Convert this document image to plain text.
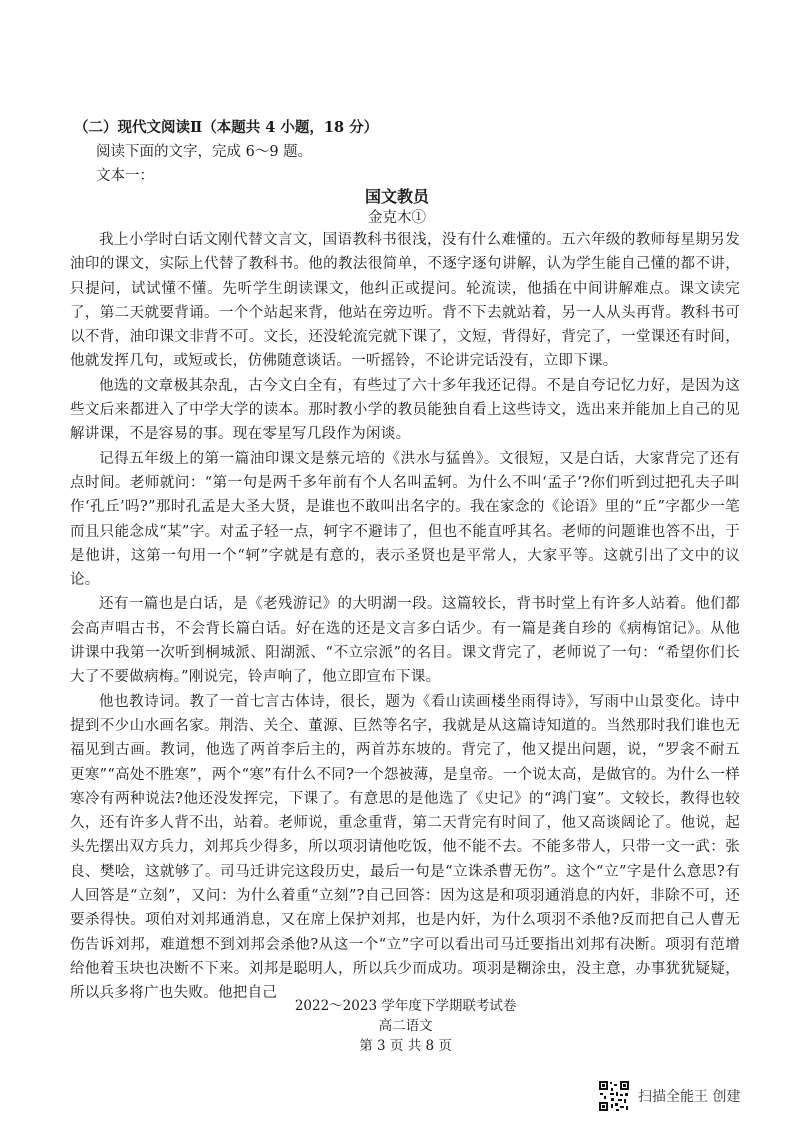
（二）现代文阅读Ⅱ（本题共 4 小题，18 分）
阅读下面的文字，完成 6～9 题。
文本一：
国文教员
金克木①

我上小学时白话文刚代替文言文，国语教科书很浅，没有什么难懂的。五六年级的教师每星期另发油印的课文，实际上代替了教科书。他的教法很简单，不逐字逐句讲解，认为学生能自己懂的都不讲，只提问，试试懂不懂。先听学生朗读课文，他纠正或提问。轮流读，他插在中间讲解难点。课文读完了，第二天就要背诵。一个个站起来背，他站在旁边听。背不下去就站着，另一人从头再背。教科书可以不背，油印课文非背不可。文长，还没轮流完就下课了，文短，背得好，背完了，一堂课还有时间，他就发挥几句，或短或长，仿佛随意谈话。一听摇铃，不论讲完话没有，立即下课。

他选的文章极其杂乱，古今文白全有，有些过了六十多年我还记得。不是自夸记忆力好，是因为这些文后来都进入了中学大学的读本。那时教小学的教员能独自看上这些诗文，选出来并能加上自己的见解讲课，不是容易的事。现在零星写几段作为闲谈。

记得五年级上的第一篇油印课文是蔡元培的《洪水与猛兽》。文很短，又是白话，大家背完了还有点时间。老师就问：“第一句是两千多年前有个人名叫孟轲。为什么不叫‘孟子’?你们听到过把孔夫子叫作‘孔丘’吗?”那时孔孟是大圣大贤，是谁也不敢叫出名字的。我在家念的《论语》里的“丘”字都少一笔而且只能念成“某”字。对孟子轻一点，轲字不避讳了，但也不能直呼其名。老师的问题谁也答不出，于是他讲，这第一句用一个“轲”字就是有意的，表示圣贤也是平常人，大家平等。这就引出了文中的议论。

还有一篇也是白话，是《老残游记》的大明湖一段。这篇较长，背书时堂上有许多人站着。他们都会高声唱古书，不会背长篇白话。好在选的还是文言多白话少。有一篇是龚自珍的《病梅馆记》。从他讲课中我第一次听到桐城派、阳湖派、“不立宗派”的名目。课文背完了，老师说了一句：“希望你们长大了不要做病梅。”刚说完，铃声响了，他立即宣布下课。

他也教诗词。教了一首七言古体诗，很长，题为《看山读画楼坐雨得诗》，写雨中山景变化。诗中提到不少山水画名家。荆浩、关仝、董源、巨然等名字，我就是从这篇诗知道的。当然那时我们谁也无福见到古画。教词，他选了两首李后主的，两首苏东坡的。背完了，他又提出问题，说，“罗衾不耐五更寒”“高处不胜寒”，两个“寒”有什么不同?一个怨被薄，是皇帝。一个说太高，是做官的。为什么一样寒冷有两种说法?他还没发挥完，下课了。有意思的是他选了《史记》的“鸿门宴”。文较长，教得也较久，还有许多人背不出，站着。老师说，重念重背，第二天背完有时间了，他又高谈阔论了。他说，起头先摆出双方兵力，刘邦兵少得多，所以项羽请他吃饭，他不能不去。不能多带人，只带一文一武：张良、樊哙，这就够了。司马迁讲完这段历史，最后一句是“立诛杀曹无伤”。这个“立”字是什么意思?有人回答是“立刻”，又问：为什么着重“立刻”?自己回答：因为这是和项羽通消息的内奸，非除不可，还要杀得快。项伯对刘邦通消息，又在席上保护刘邦，也是内奸，为什么项羽不杀他?反而把自己人曹无伤告诉刘邦，难道想不到刘邦会杀他?从这一个“立”字可以看出司马迁要指出刘邦有决断。项羽有范增给他着玉块也决断不下来。刘邦是聪明人，所以兵少而成功。项羽是糊涂虫，没主意，办事犹犹疑疑，所以兵多将广也失败。他把自己

2022～2023 学年度下学期联考试卷
高二语文
第 3 页 共 8 页

扫描全能王 创建
